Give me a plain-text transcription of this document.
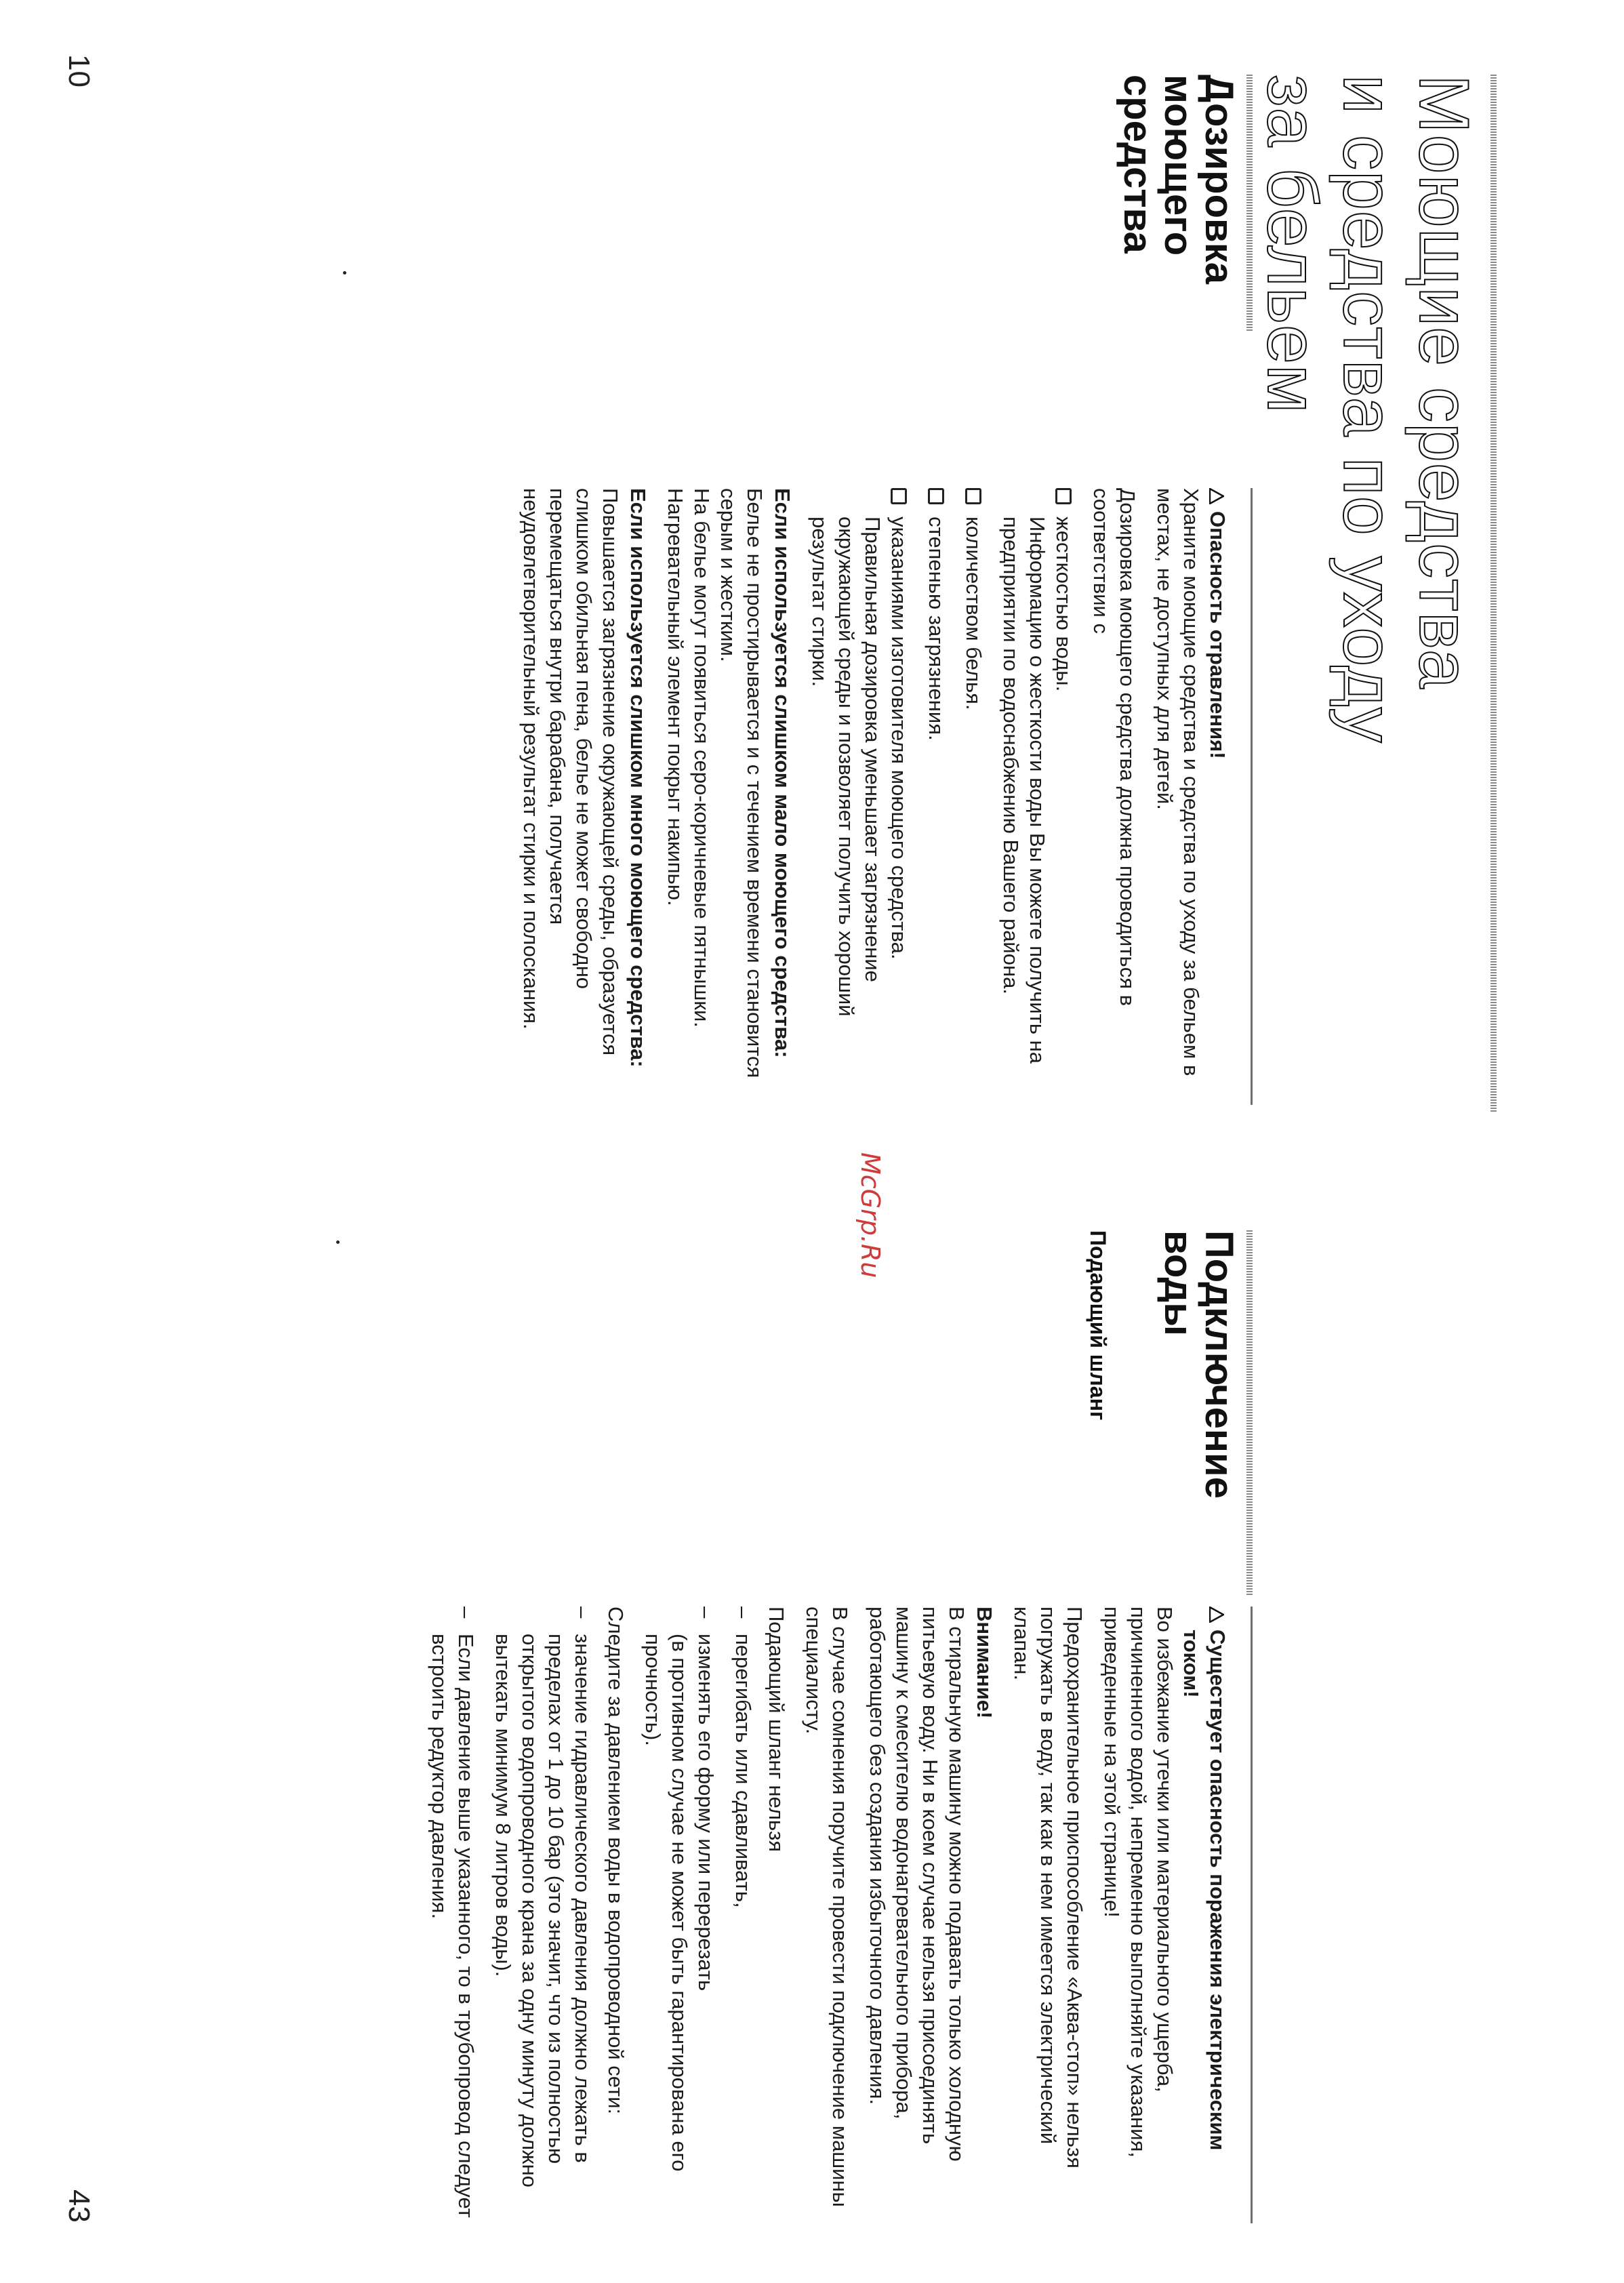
10
43
McGrp.Ru
Моющие средства
и средства по уходу
за бельем
Дозировка
моющего
средства
Опасность отравления!

Храните моющие средства и средства по уходу за бельем в местах, не доступных для детей.

Дозировка моющего средства должна проводиться в соответствии с

жесткостью воды.
Информацию о жесткости воды Вы можете получить на предприятии по водоснабжению Вашего района.
количеством белья.
степенью загрязнения.
указаниями изготовителя моющего средства.
Правильная дозировка уменьшает загрязнение окружающей среды и позволяет получить хороший результат стирки.
Если используется слишком мало моющего средства:

Белье не простирывается и с течением времени становится серым и жестким.

На белье могут появиться серо-коричневые пятнышки.

Нагревательный элемент покрыт накипью.

Если используется слишком много моющего средства:

Повышается загрязнение окружающей среды, образуется слишком обильная пена, белье не может свободно перемещаться внутри барабана, получается неудовлетворительный результат стирки и полоскания.

Подключение
воды
Подающий шланг
Существует опасность поражения электрическим током!

Во избежание утечки или материального ущерба, причиненного водой, непременно выполняйте указания, приведенные на этой странице!

Предохранительное приспособление «Аква-стоп» нельзя погружать в воду, так как в нем имеется электрический клапан.

Внимание!

В стиральную машину можно подавать только холодную питьевую воду. Ни в коем случае нельзя присоединять машину к смесителю водонагревательного прибора, работающего без создания избыточного давления.

В случае сомнения поручите провести подключение машины специалисту.

Подающий шланг нельзя

–
перегибать или сдавливать,
–
изменять его форму или перерезать
(в противном случае не может быть гарантирована его прочность).

Следите за давлением воды в водопроводной сети:

–
значение гидравлического давления должно лежать в пределах от 1 до 10 бар (это значит, что из полностью открытого водопроводного крана за одну минуту должно вытекать минимум 8 литров воды).
–
Если давление выше указанного, то в трубопровод следует встроить редуктор давления.
